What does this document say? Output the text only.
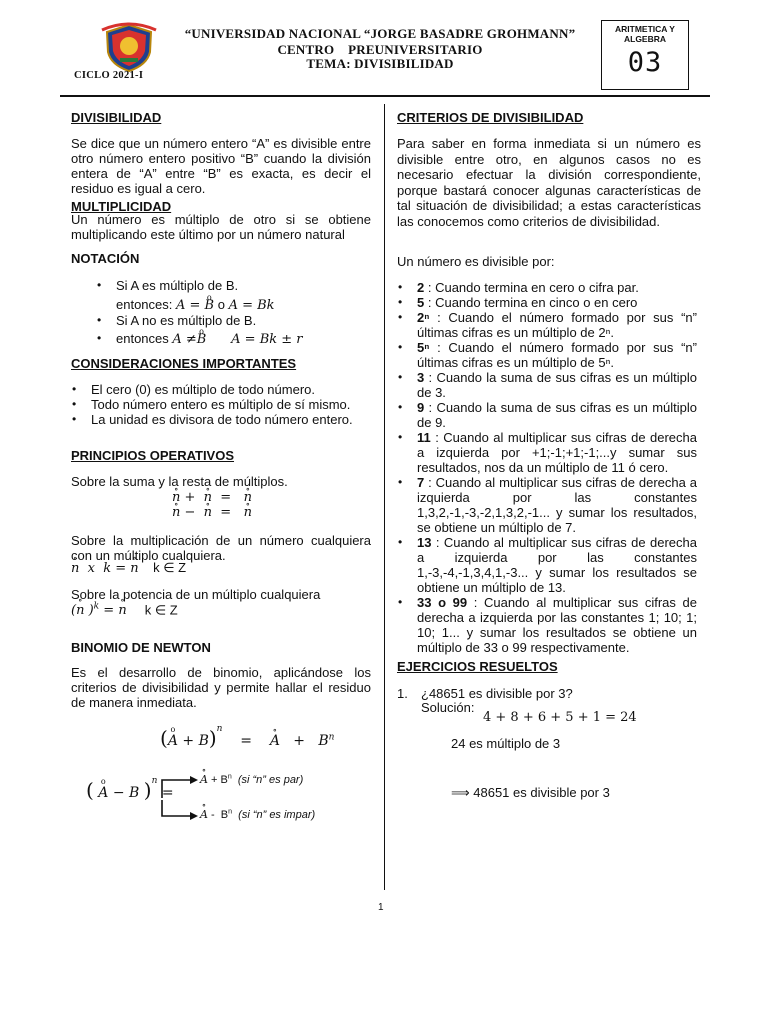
CICLO 2021-I
“UNIVERSIDAD NACIONAL “JORGE BASADRE GROHMANN”
CENTRO    PREUNIVERSITARIO
TEMA: DIVISIBILIDAD
ARITMETICA Y
ALGEBRA
03
DIVISIBILIDAD
Se dice que un número entero “A” es divisible entre otro número entero positivo “B” cuando la división entera de “A” entre “B” es exacta, es decir el residuo es igual a cero.
MULTIPLICIDAD
Un número es múltiplo de otro si se obtiene multiplicando este último por un número natural
NOTACIÓN
• Si A es múltiplo de B.
entonces: A = o B o A = Bk
• Si A no es múltiplo de B.
• entonces A ≠o B      A = Bk ± r
CONSIDERACIONES IMPORTANTES
• El cero (0) es múltiplo de todo número.
• Todo número entero es múltiplo de sí mismo.
• La unidad es divisora de todo número entero.
PRINCIPIOS OPERATIVOS
Sobre la suma y la resta de múltiplos.
∘ n +  ∘ n  =   ∘ n
∘ n −  ∘ n  =   ∘ n
Sobre la multiplicación de un número cualquiera con un múltiplo cualquiera.
∘ n  x  k = ∘ n k ∈ Z
Sobre la potencia de un múltiplo cualquiera
(∘ n )$^k$ = ∘ n k ∈ Z
BINOMIO DE NEWTON
Es el desarrollo de binomio, aplicándose los criterios de divisibilidad y permite hallar el residuo de manera inmediata.
(o A + B)$^n$    =    ∘ $A + B^n$
( o A − B )$^n$ =
∘ $A + B^n$ (si “n” es par)
∘ A -  $B^n$ (si “n” es impar)
CRITERIOS DE DIVISIBILIDAD
Para saber en forma inmediata si un número es divisible entre otro, en algunos casos no es necesario efectuar la división correspondiente, porque bastará conocer algunas características de tal situación de divisibilidad; a estas características las conocemos como criterios de divisibilidad.
Un número es divisible por:
• 2 : Cuando termina en cero o cifra par.
• 5 : Cuando termina en cinco o en cero
• 2ⁿ : Cuando el número formado por sus “n” últimas cifras es un múltiplo de 2ⁿ.
• 5ⁿ : Cuando el número formado por sus “n” últimas cifras es un múltiplo de 5ⁿ.
• 3 : Cuando la suma de sus cifras es un múltiplo de 3.
• 9 : Cuando la suma de sus cifras es un múltiplo de 9.
• 11 : Cuando al multiplicar sus cifras de derecha a izquierda por +1;-1;+1;-1;...y sumar sus resultados, nos da un múltiplo de 11 ó cero.
• 7 : Cuando al multiplicar sus cifras de derecha a izquierda por las constantes 1,3,2,-1,-3,-2,1,3,2,-1... y sumar los resultados, se obtiene un múltiplo de 7.
• 13 : Cuando al multiplicar sus cifras de derecha a izquierda por las constantes 1,-3,-4,-1,3,4,1,-3... y sumar los resultados se obtiene un múltiplo de 13.
• 33 o 99 : Cuando al multiplicar sus cifras de derecha a izquierda por las constantes 1; 10; 1; 10; 1... y sumar los resultados se obtiene un múltiplo de 33 o 99 respectivamente.
EJERCICIOS RESUELTOS
1. ¿48651 es divisible por 3?
Solución:
4 + 8 + 6 + 5 + 1 = 24
24 es múltiplo de 3
⟹ 48651 es divisible por 3
1
